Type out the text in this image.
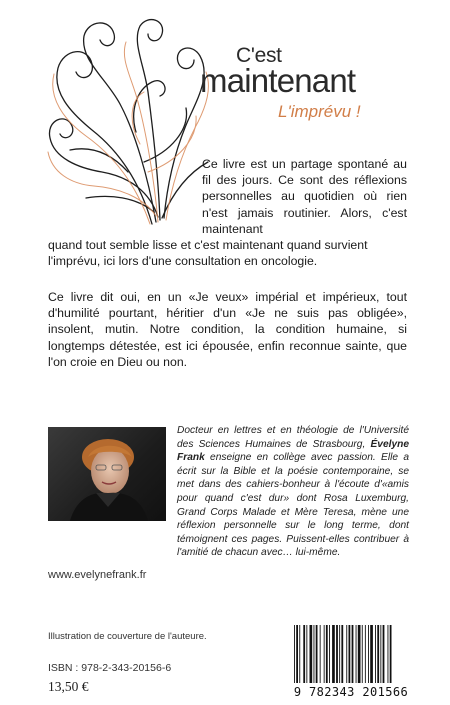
C'est
maintenant
L'imprévu !

Ce livre est un partage spontané au fil des jours. Ce sont des réflexions personnelles au quotidien où rien n'est jamais routinier. Alors, c'est maintenant

quand tout semble lisse et c'est maintenant quand survient l'imprévu, ici lors d'une consultation en oncologie.

Ce livre dit oui, en un «Je veux» impérial et impérieux, tout d'humilité pourtant, héritier d'un «Je ne suis pas obligée», insolent, mutin. Notre condition, la condition humaine, si longtemps détestée, est ici épousée, enfin reconnue sainte, que l'on croie en Dieu ou non.

Docteur en lettres et en théologie de l'Université des Sciences Humaines de Strasbourg, Évelyne Frank enseigne en collège avec passion. Elle a écrit sur la Bible et la poésie contemporaine, se met dans des cahiers-bonheur à l'écoute d'«amis pour quand c'est dur» dont Rosa Luxemburg, Grand Corps Malade et Mère Teresa, mène une réflexion personnelle sur le long terme, dont témoignent ces pages. Puissent-elles contribuer à l'amitié de chacun avec… lui-même.

www.evelynefrank.fr
Illustration de couverture de l'auteure.
ISBN : 978-2-343-20156-6
13,50 €	9 782343 201566
